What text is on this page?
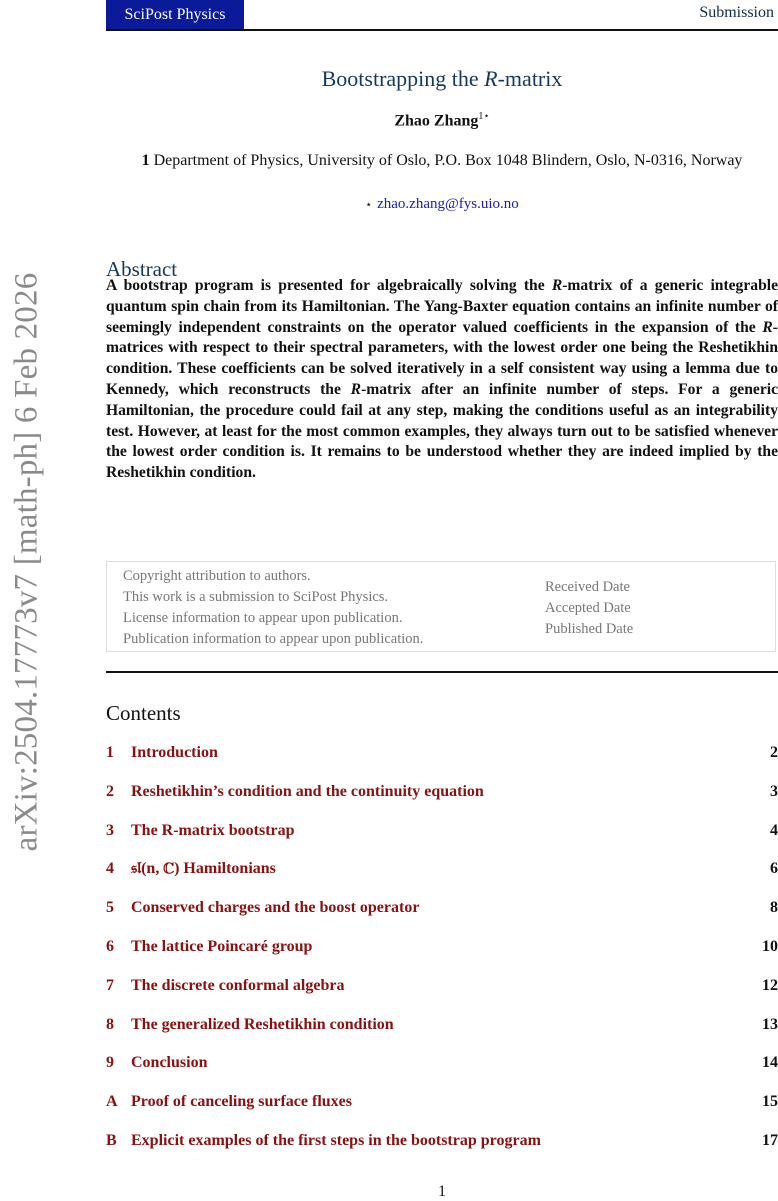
arXiv:2504.17773v7 [math-ph] 6 Feb 2026
SciPost Physics	Submission
Bootstrapping the R-matrix
Zhao Zhang$^{1⋆}$
1 Department of Physics, University of Oslo, P.O. Box 1048 Blindern, Oslo, N-0316, Norway
⋆ zhao.zhang@fys.uio.no
Abstract

A bootstrap program is presented for algebraically solving the R-matrix of a generic integrable quantum spin chain from its Hamiltonian. The Yang-Baxter equation contains an infinite number of seemingly independent constraints on the operator valued coefficients in the expansion of the R-matrices with respect to their spectral parameters, with the lowest order one being the Reshetikhin condition. These coefficients can be solved iteratively in a self consistent way using a lemma due to Kennedy, which reconstructs the R-matrix after an infinite number of steps. For a generic Hamiltonian, the procedure could fail at any step, making the conditions useful as an integrability test. However, at least for the most common examples, they always turn out to be satisfied whenever the lowest order condition is. It remains to be understood whether they are indeed implied by the Reshetikhin condition.

Copyright attribution to authors.
This work is a submission to SciPost Physics.
License information to appear upon publication.
Publication information to appear upon publication.
Received Date
Accepted Date
Published Date
Contents
1 Introduction	2
2 Reshetikhin’s condition and the continuity equation	3
3 The R-matrix bootstrap	4
4 𝔰𝔩(n, ℂ) Hamiltonians	6
5 Conserved charges and the boost operator	8
6 The lattice Poincaré group	10
7 The discrete conformal algebra	12
8 The generalized Reshetikhin condition	13
9 Conclusion	14
A Proof of canceling surface fluxes	15
B Explicit examples of the first steps in the bootstrap program	17
1
